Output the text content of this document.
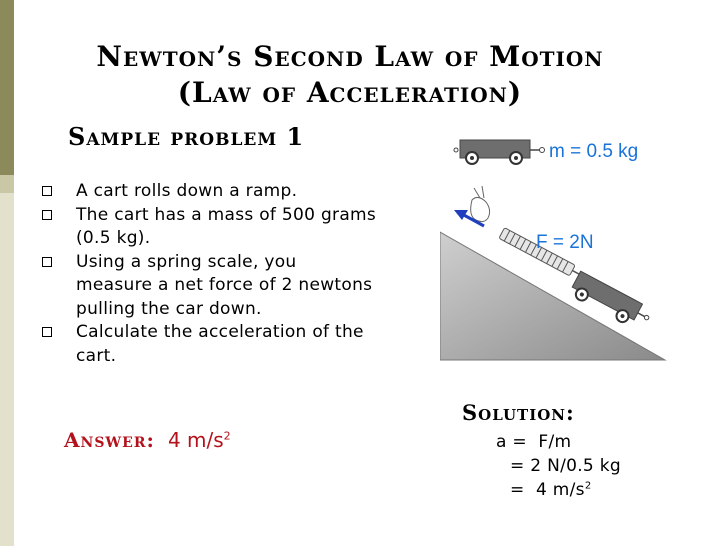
Newton’s Second Law of Motion
(Law of Acceleration)
Sample problem 1
A cart rolls down a ramp.
The cart has a mass of 500 grams (0.5 kg).
Using a spring scale, you measure a net force of 2 newtons pulling the car down.
Calculate the acceleration of the cart.
Answer: 4 $m/s^2$
Solution:
a =  F/m
= 2 N/0.5 kg
=  4 $m/s^2$
m = 0.5 kg
F = 2N
